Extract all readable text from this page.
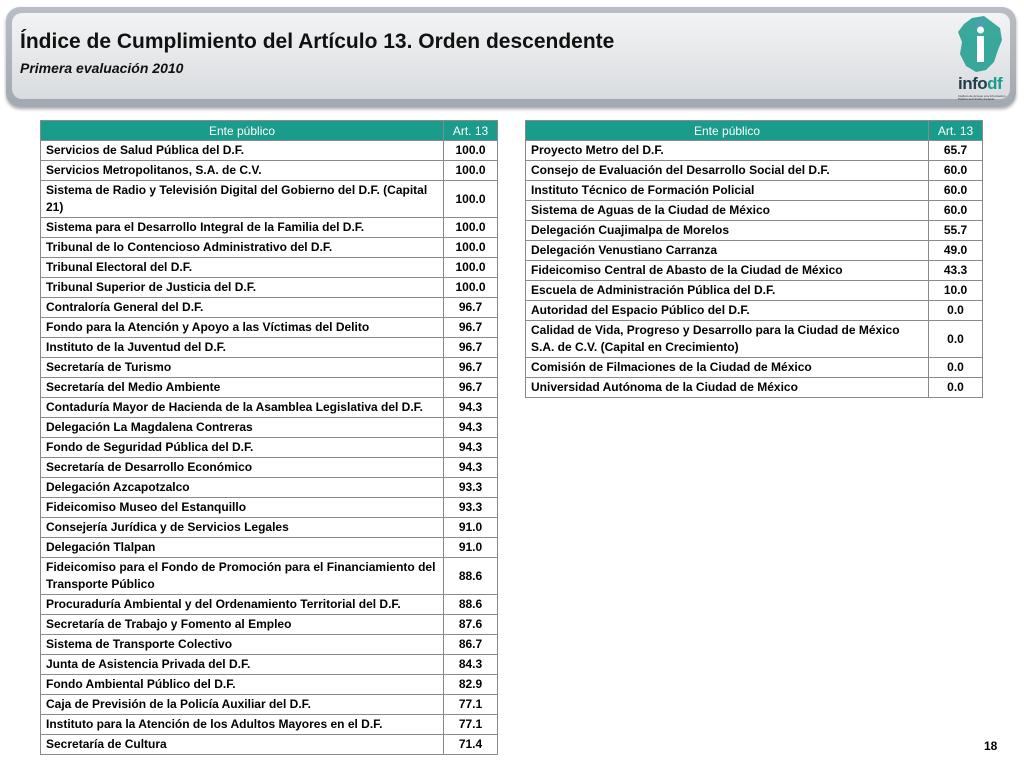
Índice de Cumplimiento del Artículo 13. Orden descendente
Primera evaluación 2010
infodf
Instituto de Acceso a la Información Pública del Distrito Federal
Ente público	Art. 13
Servicios de Salud Pública del D.F.	100.0
Servicios Metropolitanos, S.A. de C.V.	100.0
Sistema de Radio y Televisión Digital del Gobierno del D.F. (Capital 21)	100.0
Sistema para el Desarrollo Integral de la Familia del D.F.	100.0
Tribunal de lo Contencioso Administrativo del D.F.	100.0
Tribunal Electoral del D.F.	100.0
Tribunal Superior de Justicia del D.F.	100.0
Contraloría General del D.F.	96.7
Fondo para la Atención y Apoyo a las Víctimas del Delito	96.7
Instituto de la Juventud del D.F.	96.7
Secretaría de Turismo	96.7
Secretaría del Medio Ambiente	96.7
Contaduría Mayor de Hacienda de la Asamblea Legislativa del D.F.	94.3
Delegación La Magdalena Contreras	94.3
Fondo de Seguridad Pública del D.F.	94.3
Secretaría de Desarrollo Económico	94.3
Delegación Azcapotzalco	93.3
Fideicomiso Museo del Estanquillo	93.3
Consejería Jurídica y de Servicios Legales	91.0
Delegación Tlalpan	91.0
Fideicomiso para el Fondo de Promoción para el Financiamiento del Transporte Público	88.6
Procuraduría Ambiental y del Ordenamiento Territorial del D.F.	88.6
Secretaría de Trabajo y Fomento al Empleo	87.6
Sistema de Transporte Colectivo	86.7
Junta de Asistencia Privada del D.F.	84.3
Fondo Ambiental Público del D.F.	82.9
Caja de Previsión de la Policía Auxiliar del D.F.	77.1
Instituto para la Atención de los Adultos Mayores en el D.F.	77.1
Secretaría de Cultura	71.4
Ente público	Art. 13
Proyecto Metro del D.F.	65.7
Consejo de Evaluación del Desarrollo Social del D.F.	60.0
Instituto Técnico de Formación Policial	60.0
Sistema de Aguas de la Ciudad de México	60.0
Delegación Cuajimalpa de Morelos	55.7
Delegación Venustiano Carranza	49.0
Fideicomiso Central de Abasto de la Ciudad de México	43.3
Escuela de Administración Pública del D.F.	10.0
Autoridad del Espacio Público del D.F.	0.0
Calidad de Vida, Progreso y Desarrollo para la Ciudad de México S.A. de C.V. (Capital en Crecimiento)	0.0
Comisión de Filmaciones de la Ciudad de México	0.0
Universidad Autónoma de la Ciudad de México	0.0
18
